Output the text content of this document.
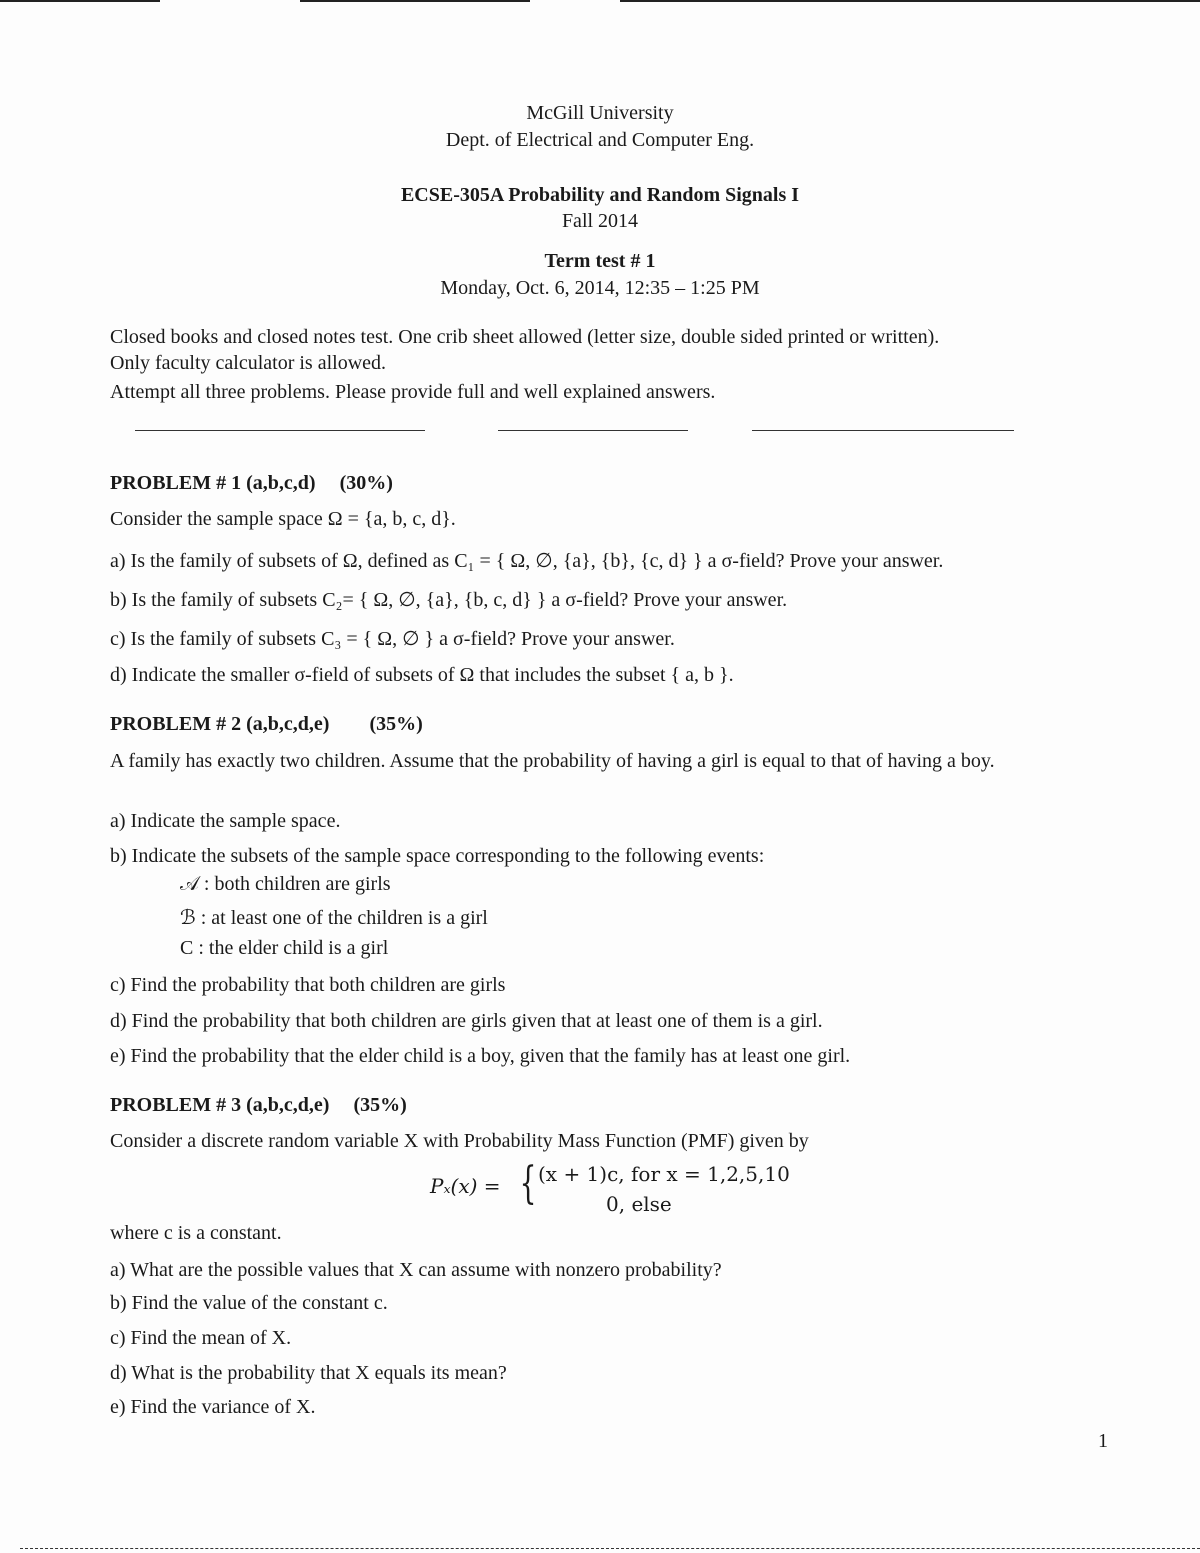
McGill University
Dept. of Electrical and Computer Eng.
ECSE-305A Probability and Random Signals I
Fall 2014
Term test # 1
Monday, Oct. 6, 2014, 12:35 – 1:25 PM
Closed books and closed notes test. One crib sheet allowed (letter size, double sided printed or written).
Only faculty calculator is allowed.
Attempt all three problems. Please provide full and well explained answers.
PROBLEM # 1 (a,b,c,d) (30%)
Consider the sample space Ω = {a, b, c, d}.
a) Is the family of subsets of Ω, defined as C₁ = { Ω, ∅, {a}, {b}, {c, d} } a σ-field? Prove your answer.
b) Is the family of subsets C₂= { Ω, ∅, {a}, {b, c, d} } a σ-field? Prove your answer.
c) Is the family of subsets C₃ = { Ω, ∅ } a σ-field? Prove your answer.
d) Indicate the smaller σ-field of subsets of Ω that includes the subset { a, b }.
PROBLEM # 2 (a,b,c,d,e) (35%)
A family has exactly two children. Assume that the probability of having a girl is equal to that of having a boy.
a) Indicate the sample space.
b) Indicate the subsets of the sample space corresponding to the following events:
𝒜 : both children are girls
ℬ : at least one of the children is a girl
C : the elder child is a girl
c) Find the probability that both children are girls
d) Find the probability that both children are girls given that at least one of them is a girl.
e) Find the probability that the elder child is a boy, given that the family has at least one girl.
PROBLEM # 3 (a,b,c,d,e) (35%)
Consider a discrete random variable X with Probability Mass Function (PMF) given by
Pₓ(x) = { (x + 1)c, for x = 1,2,5,10
0, else
where c is a constant.
a) What are the possible values that X can assume with nonzero probability?
b) Find the value of the constant c.
c) Find the mean of X.
d) What is the probability that X equals its mean?
e) Find the variance of X.
1
